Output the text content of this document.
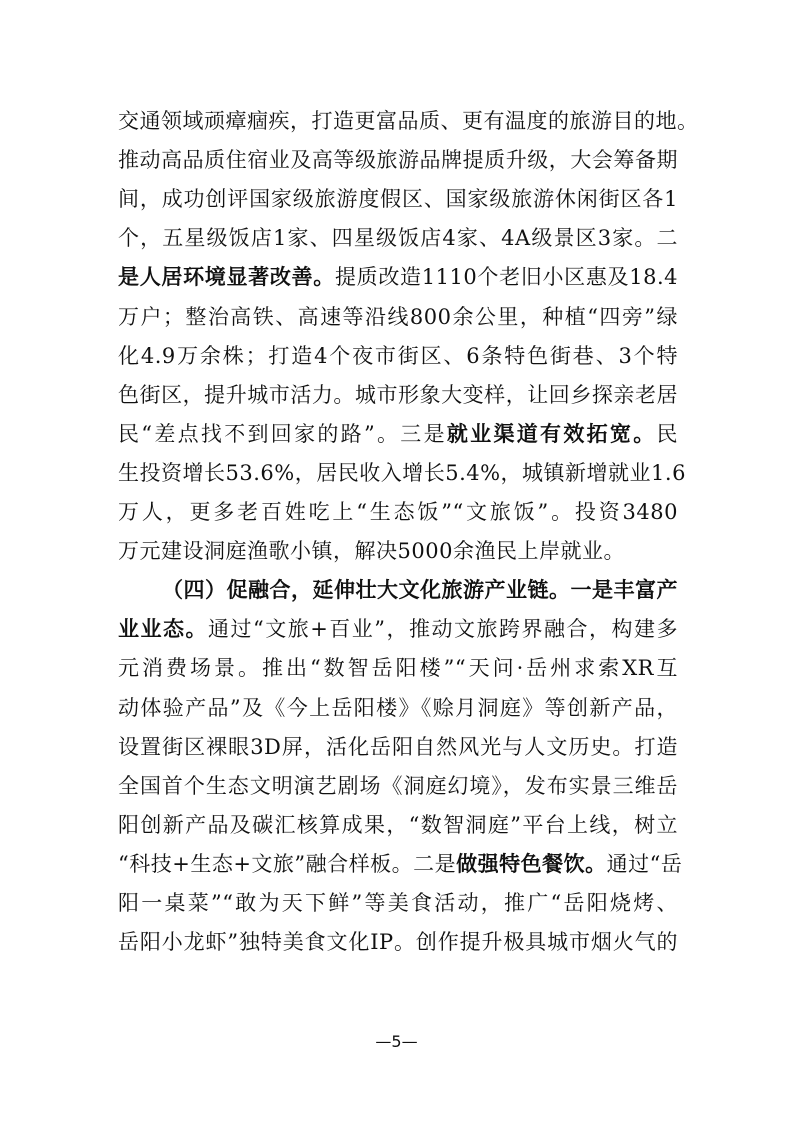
交通领域顽瘴痼疾，打造更富品质、更有温度的旅游目的地。
推动高品质住宿业及高等级旅游品牌提质升级，大会筹备期
间，成功创评国家级旅游度假区、国家级旅游休闲街区各1
个，五星级饭店1家、四星级饭店4家、4A级景区3家。二
是人居环境显著改善。提质改造1110个老旧小区惠及18.4
万户；整治高铁、高速等沿线800余公里，种植“四旁”绿
化4.9万余株；打造4个夜市街区、6条特色街巷、3个特
色街区，提升城市活力。城市形象大变样，让回乡探亲老居
民“差点找不到回家的路”。三是就业渠道有效拓宽。民
生投资增长53.6%，居民收入增长5.4%，城镇新增就业1.6
万人，更多老百姓吃上“生态饭”“文旅饭”。投资3480
万元建设洞庭渔歌小镇，解决5000余渔民上岸就业。
（四）促融合，延伸壮大文化旅游产业链。一是丰富产
业业态。通过“文旅+百业”，推动文旅跨界融合，构建多
元消费场景。推出“数智岳阳楼”“天问·岳州求索XR互
动体验产品”及《今上岳阳楼》《赊月洞庭》等创新产品，
设置街区裸眼3D屏，活化岳阳自然风光与人文历史。打造
全国首个生态文明演艺剧场《洞庭幻境》，发布实景三维岳
阳创新产品及碳汇核算成果，“数智洞庭”平台上线，树立
“科技+生态+文旅”融合样板。二是做强特色餐饮。通过“岳
阳一桌菜”“敢为天下鲜”等美食活动，推广“岳阳烧烤、
岳阳小龙虾”独特美食文化IP。创作提升极具城市烟火气的
—5—
